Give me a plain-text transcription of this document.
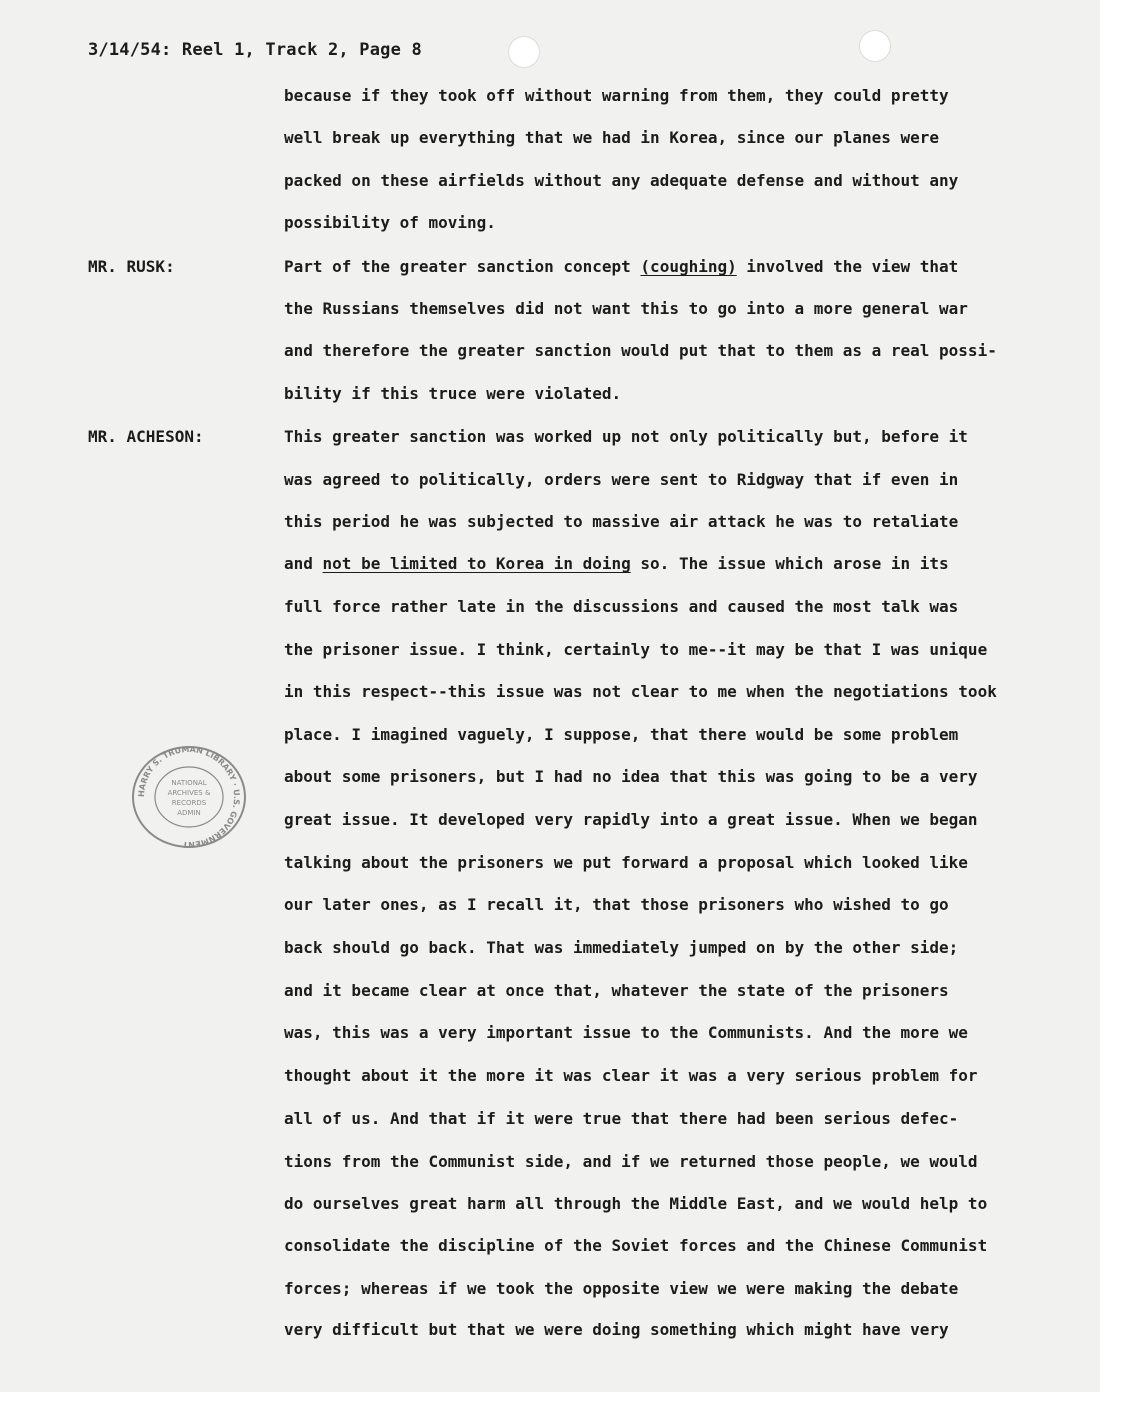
3/14/54: Reel 1, Track 2, Page 8
because if they took off without warning from them, they could pretty
well break up everything that we had in Korea, since our planes were
packed on these airfields without any adequate defense and without any
possibility of moving.
MR. RUSK:	Part of the greater sanction concept (coughing) involved the view that
the Russians themselves did not want this to go into a more general war
and therefore the greater sanction would put that to them as a real possi-
bility if this truce were violated.
MR. ACHESON:	This greater sanction was worked up not only politically but, before it
was agreed to politically, orders were sent to Ridgway that if even in
this period he was subjected to massive air attack he was to retaliate
and not be limited to Korea in doing so. The issue which arose in its
full force rather late in the discussions and caused the most talk was
the prisoner issue. I think, certainly to me--it may be that I was unique
in this respect--this issue was not clear to me when the negotiations took
place. I imagined vaguely, I suppose, that there would be some problem
about some prisoners, but I had no idea that this was going to be a very
great issue. It developed very rapidly into a great issue. When we began
talking about the prisoners we put forward a proposal which looked like
our later ones, as I recall it, that those prisoners who wished to go
back should go back. That was immediately jumped on by the other side;
and it became clear at once that, whatever the state of the prisoners
was, this was a very important issue to the Communists. And the more we
thought about it the more it was clear it was a very serious problem for
all of us. And that if it were true that there had been serious defec-
tions from the Communist side, and if we returned those people, we would
do ourselves great harm all through the Middle East, and we would help to
consolidate the discipline of the Soviet forces and the Chinese Communist
forces; whereas if we took the opposite view we were making the debate
very difficult but that we were doing something which might have very
HARRY S. TRUMAN LIBRARY · U.S. GOVERNMENT
NATIONAL
ARCHIVES &
RECORDS
ADMIN
